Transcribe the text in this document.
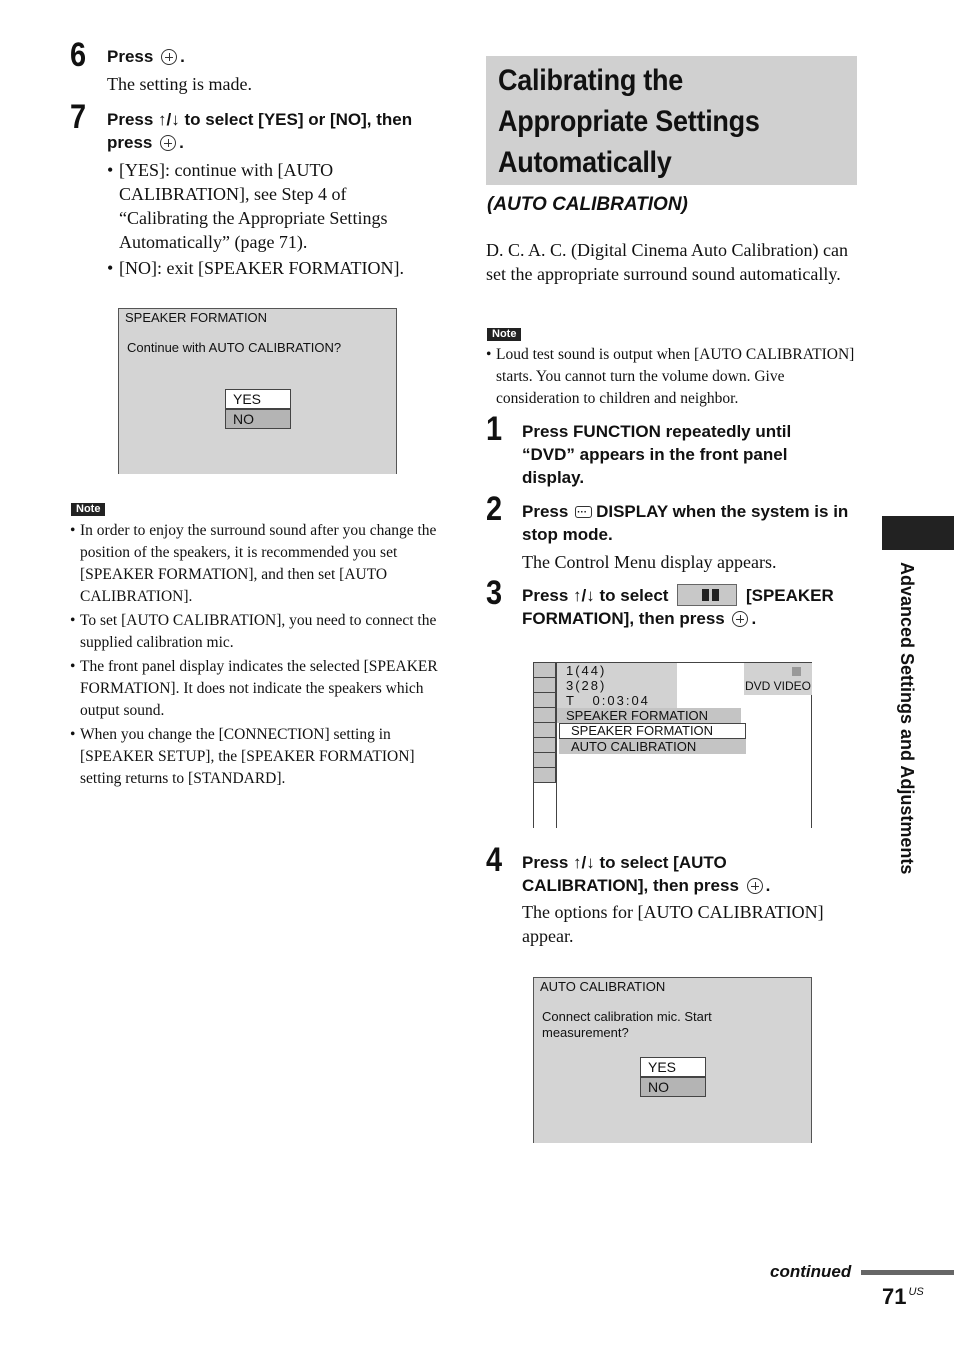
6 Press .
The setting is made.
7 Press ↑/↓ to select [YES] or [NO], then
press .
• [YES]: continue with [AUTO CALIBRATION], see Step 4 of “Calibrating the Appropriate Settings Automatically” (page 71).
• [NO]: exit [SPEAKER FORMATION].
SPEAKER FORMATION
Continue with AUTO CALIBRATION?
YES
NO
Note
• In order to enjoy the surround sound after you change the position of the speakers, it is recommended you set [SPEAKER FORMATION], and then set [AUTO CALIBRATION].
• To set [AUTO CALIBRATION], you need to connect the supplied calibration mic.
• The front panel display indicates the selected [SPEAKER FORMATION]. It does not indicate the speakers which output sound.
• When you change the [CONNECTION] setting in [SPEAKER SETUP], the [SPEAKER FORMATION] setting returns to [STANDARD].
Calibrating the
Appropriate Settings
Automatically
(AUTO CALIBRATION)
D. C. A. C. (Digital Cinema Auto Calibration) can set the appropriate surround sound automatically.
Note
• Loud test sound is output when [AUTO CALIBRATION] starts. You cannot turn the volume down. Give consideration to children and neighbor.
1 Press FUNCTION repeatedly until “DVD” appears in the front panel display.
2 Press ··· DISPLAY when the system is in stop mode.
The Control Menu display appears.
3 Press ↑/↓ to select	[SPEAKER
FORMATION], then press .
1(44)
3(28)
T   0:03:04
DVD VIDEO
SPEAKER FORMATION
SPEAKER FORMATION
AUTO CALIBRATION
4 Press ↑/↓ to select [AUTO
CALIBRATION], then press .
The options for [AUTO CALIBRATION] appear.
AUTO CALIBRATION
Connect calibration mic. Start
measurement?
YES
NO
Advanced Settings and Adjustments
continued
71 $^{US}$
